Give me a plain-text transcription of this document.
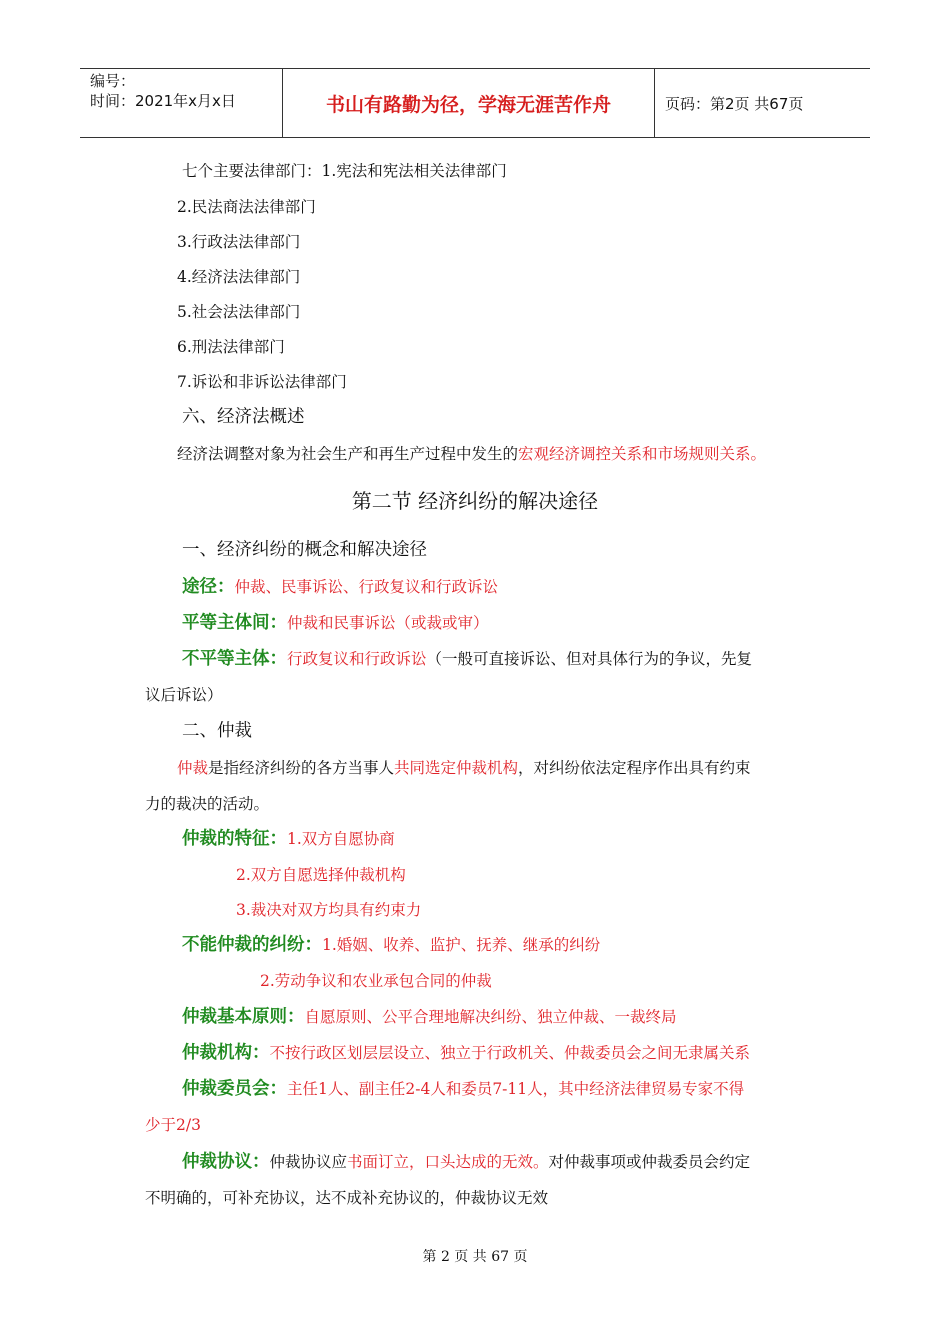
编号：
时间：2021年x月x日	书山有路勤为径，学海无涯苦作舟	页码：第2页 共67页
七个主要法律部门：1.宪法和宪法相关法律部门
2.民法商法法律部门
3.行政法法律部门
4.经济法法律部门
5.社会法法律部门
6.刑法法律部门
7.诉讼和非诉讼法律部门
六、经济法概述
经济法调整对象为社会生产和再生产过程中发生的宏观经济调控关系和市场规则关系。
第二节 经济纠纷的解决途径
一、经济纠纷的概念和解决途径
途径：仲裁、民事诉讼、行政复议和行政诉讼
平等主体间：仲裁和民事诉讼（或裁或审）
不平等主体：行政复议和行政诉讼（一般可直接诉讼、但对具体行为的争议，先复
议后诉讼）
二、仲裁
仲裁是指经济纠纷的各方当事人共同选定仲裁机构，对纠纷依法定程序作出具有约束
力的裁决的活动。
仲裁的特征：1.双方自愿协商
2.双方自愿选择仲裁机构
3.裁决对双方均具有约束力
不能仲裁的纠纷：1.婚姻、收养、监护、抚养、继承的纠纷
2.劳动争议和农业承包合同的仲裁
仲裁基本原则：自愿原则、公平合理地解决纠纷、独立仲裁、一裁终局
仲裁机构：不按行政区划层层设立、独立于行政机关、仲裁委员会之间无隶属关系
仲裁委员会：主任1人、副主任2-4人和委员7-11人，其中经济法律贸易专家不得
少于2/3
仲裁协议：仲裁协议应书面订立，口头达成的无效。对仲裁事项或仲裁委员会约定
不明确的，可补充协议，达不成补充协议的，仲裁协议无效
第 2 页 共 67 页
